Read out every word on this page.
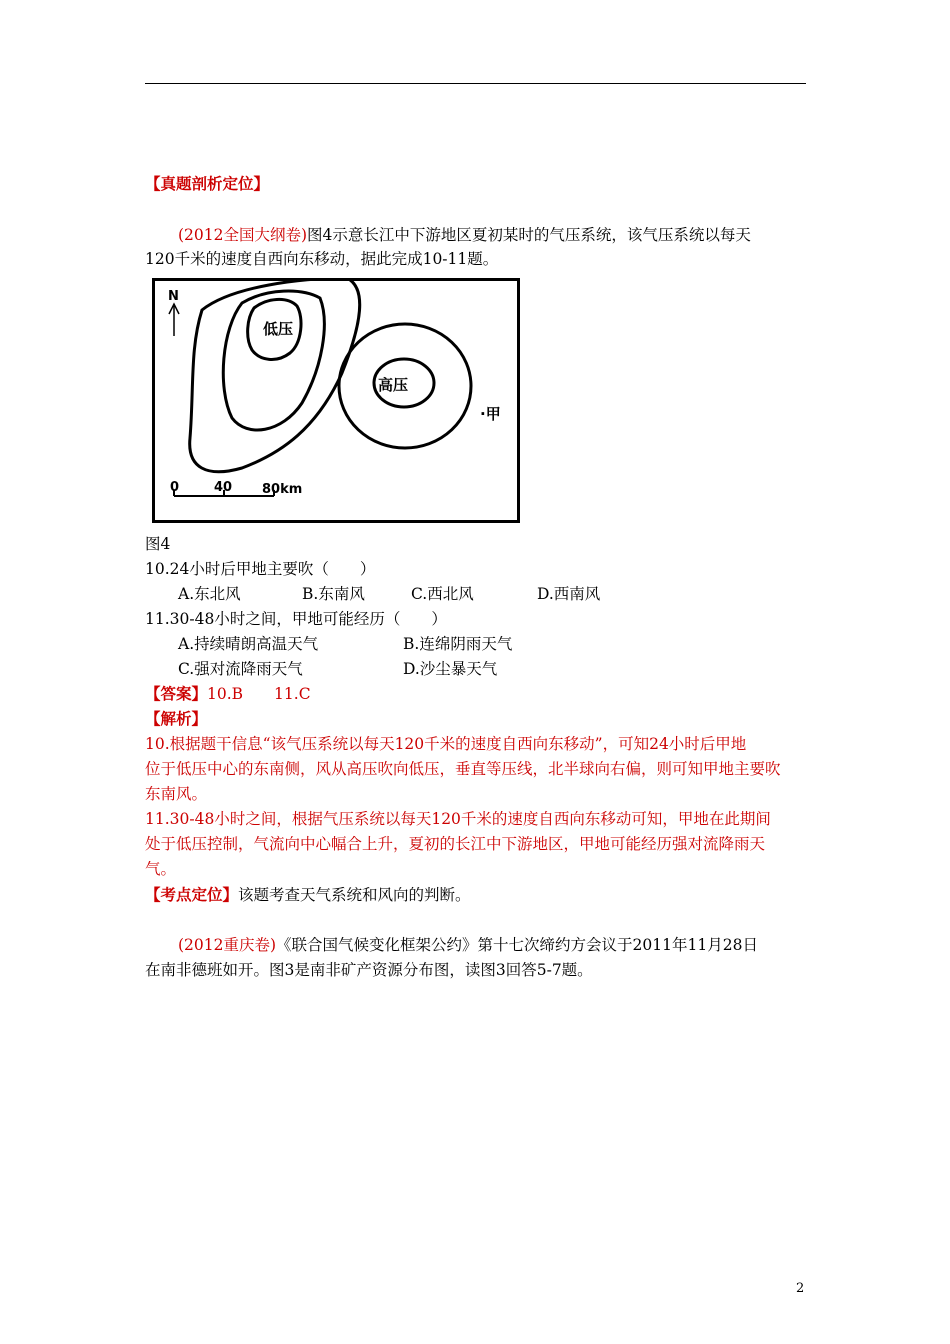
【真题剖析定位】
(2012全国大纲卷)图4示意长江中下游地区夏初某时的气压系统，该气压系统以每天
120千米的速度自西向东移动，据此完成10-11题。
N
低压
高压
·甲
0	40 80km
图4
10.24小时后甲地主要吹（　　）
A.东北风	B.东南风	C.西北风	D.西南风
11.30-48小时之间，甲地可能经历（　　）
A.持续晴朗高温天气	B.连绵阴雨天气
C.强对流降雨天气	D.沙尘暴天气
【答案】10.B　　11.C
【解析】
10.根据题干信息“该气压系统以每天120千米的速度自西向东移动”，可知24小时后甲地
位于低压中心的东南侧，风从高压吹向低压，垂直等压线，北半球向右偏，则可知甲地主要吹
东南风。
11.30-48小时之间，根据气压系统以每天120千米的速度自西向东移动可知，甲地在此期间
处于低压控制，气流向中心幅合上升，夏初的长江中下游地区，甲地可能经历强对流降雨天
气。
【考点定位】该题考查天气系统和风向的判断。
(2012重庆卷)《联合国气候变化框架公约》第十七次缔约方会议于2011年11月28日
在南非德班如开。图3是南非矿产资源分布图，读图3回答5-7题。
2
